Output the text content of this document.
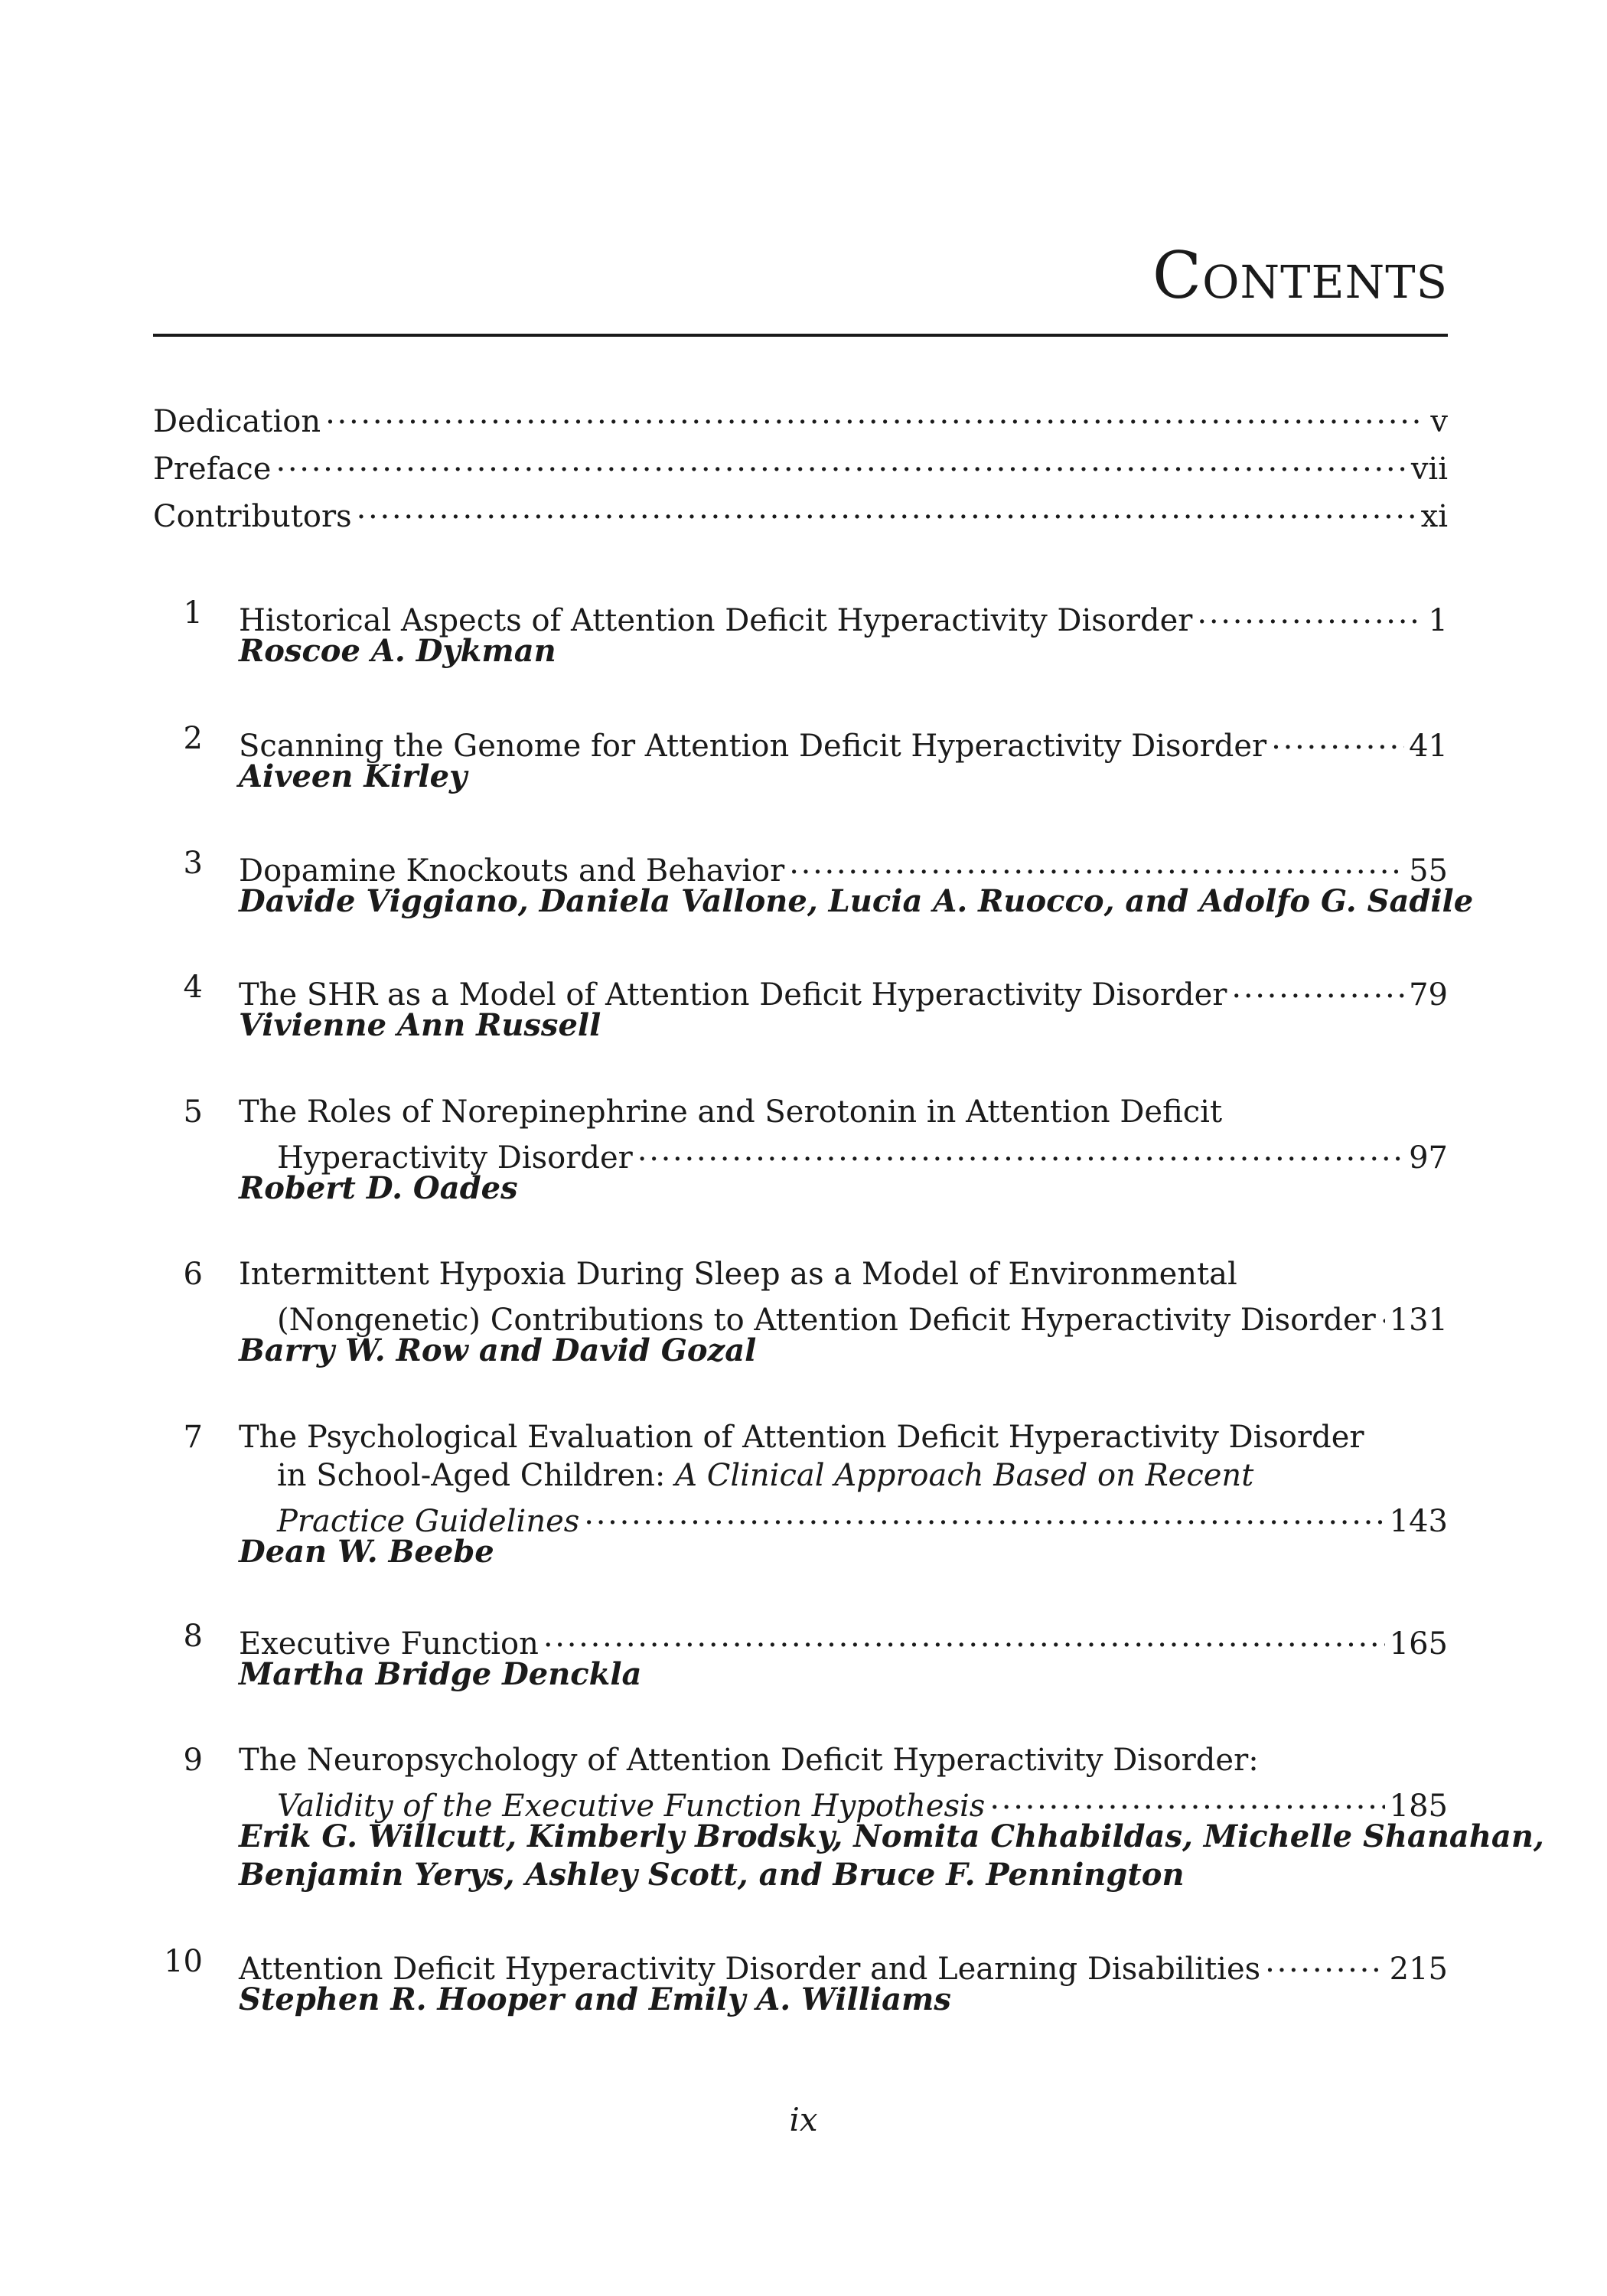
Contents
Dedication . . .	v
Preface . . .	vii
Contributors . . .	xi
1 Historical Aspects of Attention Deficit Hyperactivity Disorder . . .	1
Roscoe A. Dykman
2 Scanning the Genome for Attention Deficit Hyperactivity Disorder . . .	41
Aiveen Kirley
3 Dopamine Knockouts and Behavior . . .	55
Davide Viggiano, Daniela Vallone, Lucia A. Ruocco, and Adolfo G. Sadile
4 The SHR as a Model of Attention Deficit Hyperactivity Disorder . . .	79
Vivienne Ann Russell
5 The Roles of Norepinephrine and Serotonin in Attention Deficit
Hyperactivity Disorder . . .	97
Robert D. Oades
6 Intermittent Hypoxia During Sleep as a Model of Environmental
(Nongenetic) Contributions to Attention Deficit Hyperactivity Disorder . . . 131
Barry W. Row and David Gozal
7 The Psychological Evaluation of Attention Deficit Hyperactivity Disorder
in School-Aged Children:
A Clinical Approach Based on Recent
Practice Guidelines . . .	143
Dean W. Beebe
8 Executive Function . . .	165
Martha Bridge Denckla
9 The Neuropsychology of Attention Deficit Hyperactivity Disorder:
Validity of the Executive Function Hypothesis . . .	185
Erik G. Willcutt, Kimberly Brodsky, Nomita Chhabildas, Michelle Shanahan,
Benjamin Yerys, Ashley Scott, and Bruce F. Pennington
10 Attention Deficit Hyperactivity Disorder and Learning Disabilities . . .	215
Stephen R. Hooper and Emily A. Williams
ix
